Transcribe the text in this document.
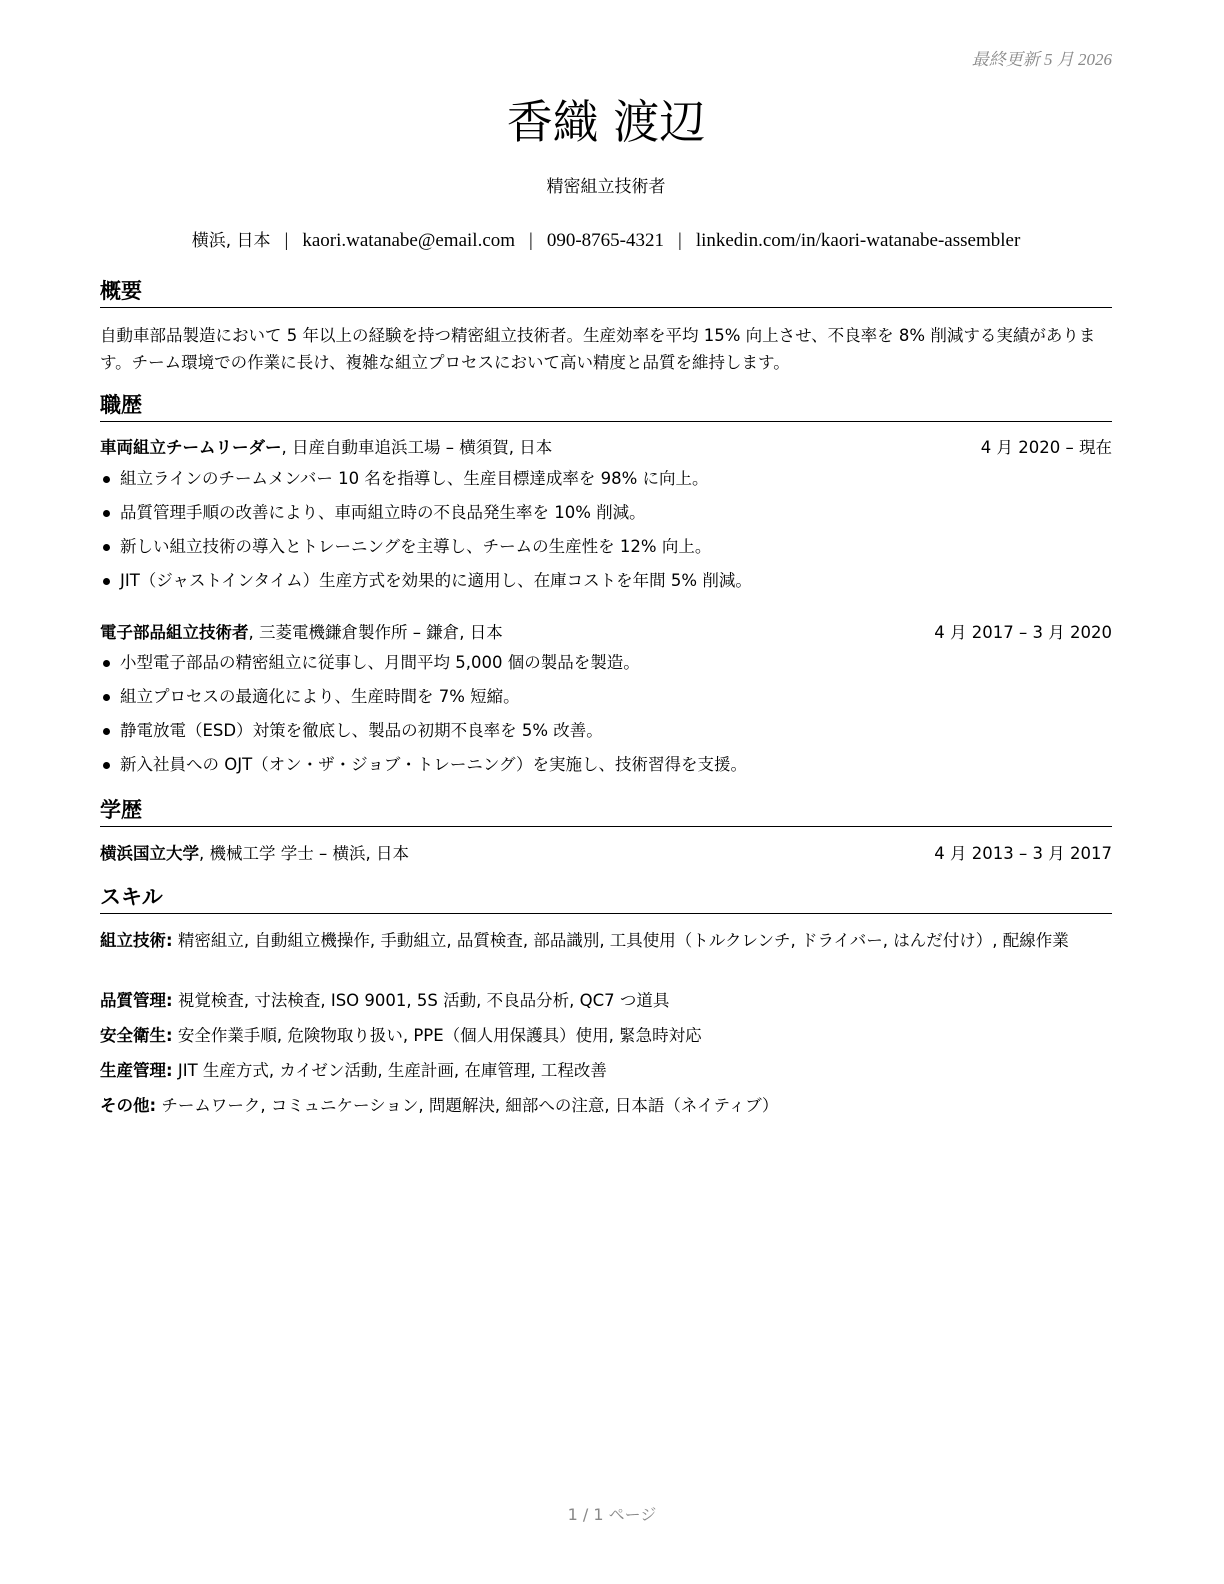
最終更新 5 月 2026
香織 渡辺
精密組立技術者
横浜, 日本 | kaori.watanabe@email.com | 090-8765-4321 | linkedin.com/in/kaori-watanabe-assembler
概要
自動車部品製造において 5 年以上の経験を持つ精密組立技術者。生産効率を平均 15% 向上させ、不良率を 8% 削減する実績があります。チーム環境での作業に長け、複雑な組立プロセスにおいて高い精度と品質を維持します。
職歴
車両組立チームリーダー, 日産自動車追浜工場 – 横須賀, 日本	4 月 2020 – 現在
組立ラインのチームメンバー 10 名を指導し、生産目標達成率を 98% に向上。
品質管理手順の改善により、車両組立時の不良品発生率を 10% 削減。
新しい組立技術の導入とトレーニングを主導し、チームの生産性を 12% 向上。
JIT（ジャストインタイム）生産方式を効果的に適用し、在庫コストを年間 5% 削減。
電子部品組立技術者, 三菱電機鎌倉製作所 – 鎌倉, 日本	4 月 2017 – 3 月 2020
小型電子部品の精密組立に従事し、月間平均 5,000 個の製品を製造。
組立プロセスの最適化により、生産時間を 7% 短縮。
静電放電（ESD）対策を徹底し、製品の初期不良率を 5% 改善。
新入社員への OJT（オン・ザ・ジョブ・トレーニング）を実施し、技術習得を支援。
学歴
横浜国立大学, 機械工学 学士 – 横浜, 日本	4 月 2013 – 3 月 2017
スキル
組立技術: 精密組立, 自動組立機操作, 手動組立, 品質検査, 部品識別, 工具使用（トルクレンチ, ドライバー, はんだ付け）, 配線作業
品質管理: 視覚検査, 寸法検査, ISO 9001, 5S 活動, 不良品分析, QC7 つ道具
安全衛生: 安全作業手順, 危険物取り扱い, PPE（個人用保護具）使用, 緊急時対応
生産管理: JIT 生産方式, カイゼン活動, 生産計画, 在庫管理, 工程改善
その他: チームワーク, コミュニケーション, 問題解決, 細部への注意, 日本語（ネイティブ）
1 / 1 ページ
